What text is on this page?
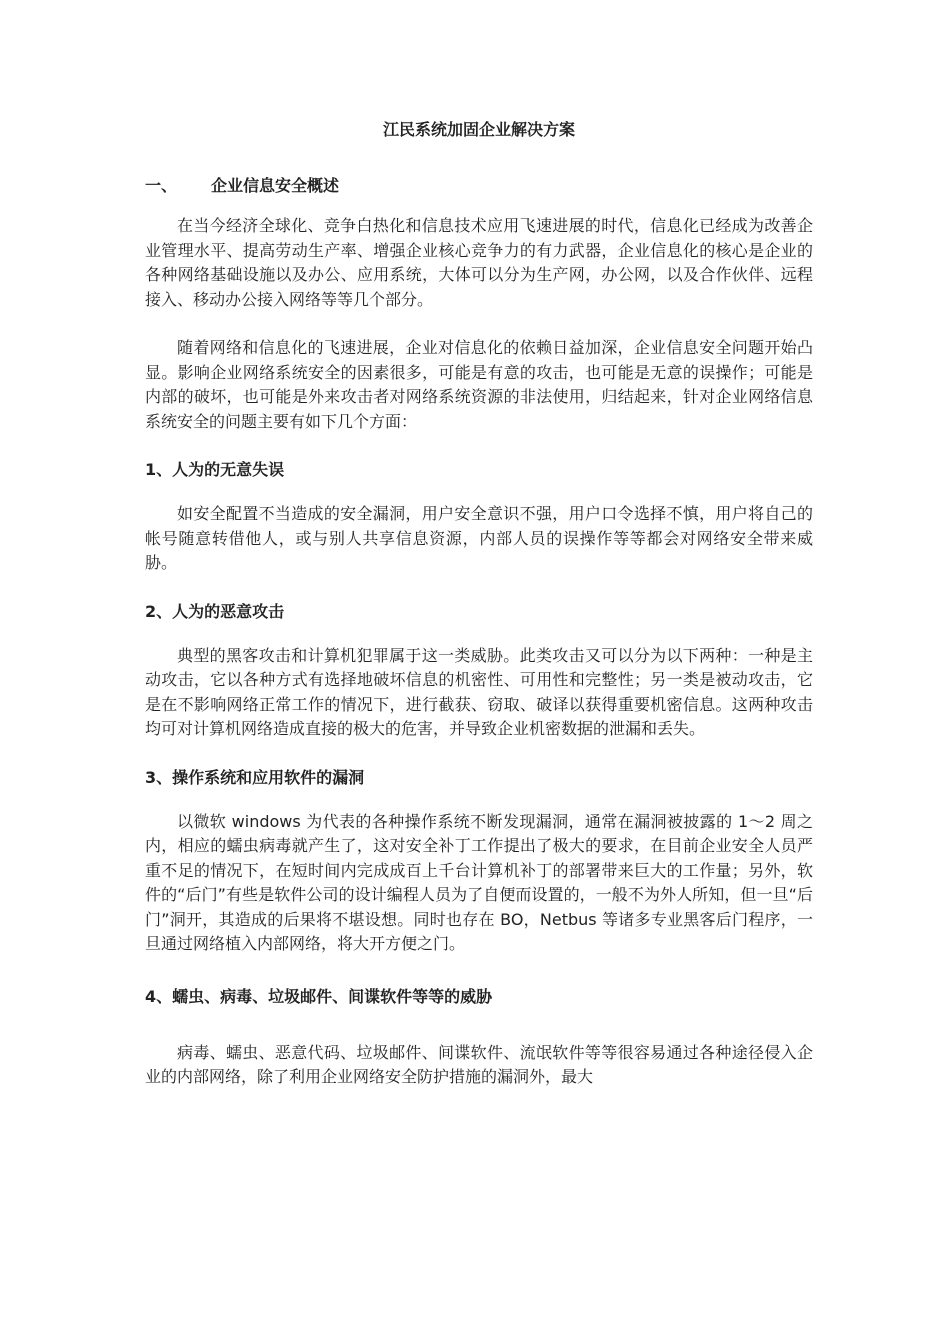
江民系统加固企业解决方案
一、 企业信息安全概述

在当今经济全球化、竞争白热化和信息技术应用飞速进展的时代，信息化已经成为改善企业管理水平、提高劳动生产率、增强企业核心竞争力的有力武器，企业信息化的核心是企业的各种网络基础设施以及办公、应用系统，大体可以分为生产网，办公网，以及合作伙伴、远程接入、移动办公接入网络等等几个部分。

随着网络和信息化的飞速进展，企业对信息化的依赖日益加深，企业信息安全问题开始凸显。影响企业网络系统安全的因素很多，可能是有意的攻击，也可能是无意的误操作；可能是内部的破坏，也可能是外来攻击者对网络系统资源的非法使用，归结起来，针对企业网络信息系统安全的问题主要有如下几个方面：

1、人为的无意失误

如安全配置不当造成的安全漏洞，用户安全意识不强，用户口令选择不慎，用户将自己的帐号随意转借他人，或与别人共享信息资源，内部人员的误操作等等都会对网络安全带来威胁。

2、人为的恶意攻击

典型的黑客攻击和计算机犯罪属于这一类威胁。此类攻击又可以分为以下两种：一种是主动攻击，它以各种方式有选择地破坏信息的机密性、可用性和完整性；另一类是被动攻击，它是在不影响网络正常工作的情况下，进行截获、窃取、破译以获得重要机密信息。这两种攻击均可对计算机网络造成直接的极大的危害，并导致企业机密数据的泄漏和丢失。

3、操作系统和应用软件的漏洞

以微软 windows 为代表的各种操作系统不断发现漏洞，通常在漏洞被披露的 1～2 周之内，相应的蠕虫病毒就产生了，这对安全补丁工作提出了极大的要求，在目前企业安全人员严重不足的情况下，在短时间内完成成百上千台计算机补丁的部署带来巨大的工作量；另外，软件的“后门”有些是软件公司的设计编程人员为了自便而设置的，一般不为外人所知，但一旦“后门”洞开，其造成的后果将不堪设想。同时也存在 BO，Netbus 等诸多专业黑客后门程序，一旦通过网络植入内部网络，将大开方便之门。

4、蠕虫、病毒、垃圾邮件、间谍软件等等的威胁

病毒、蠕虫、恶意代码、垃圾邮件、间谍软件、流氓软件等等很容易通过各种途径侵入企业的内部网络，除了利用企业网络安全防护措施的漏洞外，最大
